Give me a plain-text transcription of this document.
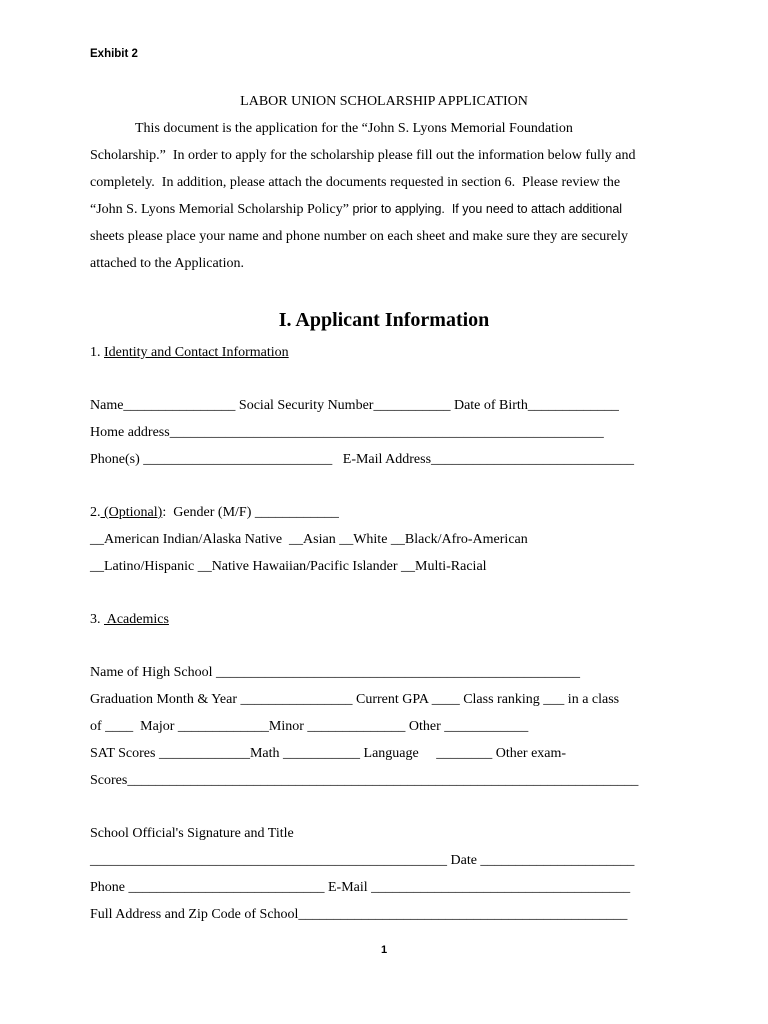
Exhibit 2
LABOR UNION SCHOLARSHIP APPLICATION
This document is the application for the “John S. Lyons Memorial Foundation
Scholarship.”  In order to apply for the scholarship please fill out the information below fully and
completely.  In addition, please attach the documents requested in section 6.  Please review the
“John S. Lyons Memorial Scholarship Policy” prior to applying.  If you need to attach additional
sheets please place your name and phone number on each sheet and make sure they are securely
attached to the Application.
I. Applicant Information
1. Identity and Contact Information
Name________________ Social Security Number___________ Date of Birth_____________
Home address______________________________________________________________
Phone(s) ___________________________   E-Mail Address_____________________________
2. (Optional):  Gender (M/F) ____________
__American Indian/Alaska Native  __Asian __White __Black/Afro-American
__Latino/Hispanic __Native Hawaiian/Pacific Islander __Multi-Racial
3.  Academics
Name of High School ____________________________________________________
Graduation Month & Year ________________ Current GPA ____ Class ranking ___ in a class
of ____  Major _____________Minor ______________ Other ____________
SAT Scores _____________Math ___________ Language     ________ Other exam-
Scores_________________________________________________________________________
School Official's Signature and Title
___________________________________________________ Date ______________________
Phone ____________________________ E-Mail _____________________________________
Full Address and Zip Code of School_______________________________________________
1
